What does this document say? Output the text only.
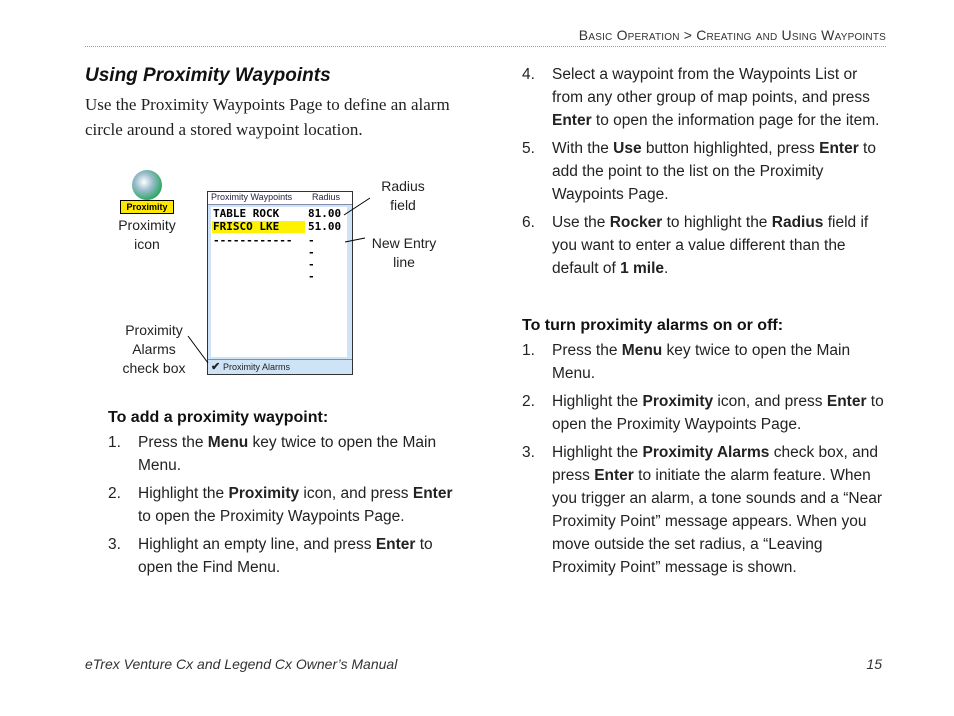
Basic Operation > Creating and Using Waypoints
Using Proximity Waypoints
Use the Proximity Waypoints Page to define an alarm circle around a stored waypoint location.
Proximity
Proximity
icon
Proximity Waypoints Radius
TABLE ROCK	81.00
FRISCO LKE	51.00
------------	----
✔ Proximity Alarms
Radius
field
New Entry
line
Proximity
Alarms
check box
To add a proximity waypoint:
1. Press the Menu key twice to open the Main Menu.
2. Highlight the Proximity icon, and press Enter to open the Proximity Waypoints Page.
3. Highlight an empty line, and press Enter to open the Find Menu.
4. Select a waypoint from the Waypoints List or from any other group of map points, and press Enter to open the information page for the item.
5. With the Use button highlighted, press Enter to add the point to the list on the Proximity Waypoints Page.
6. Use the Rocker to highlight the Radius field if you want to enter a value different than the default of 1 mile.
To turn proximity alarms on or off:
1. Press the Menu key twice to open the Main Menu.
2. Highlight the Proximity icon, and press Enter to open the Proximity Waypoints Page.
3. Highlight the Proximity Alarms check box, and press Enter to initiate the alarm feature. When you trigger an alarm, a tone sounds and a “Near Proximity Point” message appears. When you move outside the set radius, a “Leaving Proximity Point” message is shown.
eTrex Venture Cx and Legend Cx Owner’s Manual	15
